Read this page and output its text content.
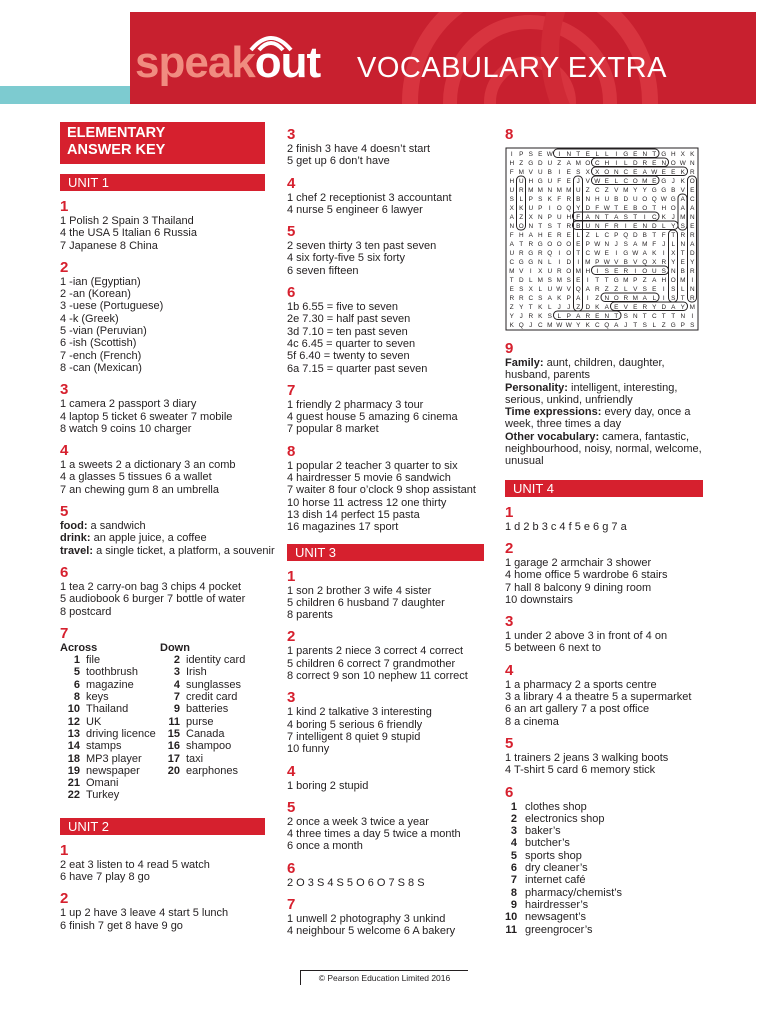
speakout VOCABULARY EXTRA
ELEMENTARY
ANSWER KEY
UNIT 1
1
1 Polish 2 Spain 3 Thailand
4 the USA 5 Italian 6 Russia
7 Japanese 8 China
2
1 -ian (Egyptian)
2 -an (Korean)
3 -uese (Portuguese)
4 -k (Greek)
5 -vian (Peruvian)
6 -ish (Scottish)
7 -ench (French)
8 -can (Mexican)
3
1 camera 2 passport 3 diary
4 laptop 5 ticket 6 sweater 7 mobile
8 watch 9 coins 10 charger
4
1 a sweets 2 a dictionary 3 an comb
4 a glasses 5 tissues 6 a wallet
7 an chewing gum 8 an umbrella
5
food: a sandwich
drink: an apple juice, a coffee
travel: a single ticket, a platform, a souvenir
6
1 tea 2 carry-on bag 3 chips 4 pocket
5 audiobook 6 burger 7 bottle of water
8 postcard
7
Across
1 file
5 toothbrush
6 magazine
8 keys
10 Thailand
12 UK
13 driving licence
14 stamps
18 MP3 player
19 newspaper
21 Omani
22 Turkey
Down
2 identity card
3 Irish
4 sunglasses
7 credit card
9 batteries
11 purse
15 Canada
16 shampoo
17 taxi
20 earphones
UNIT 2
1
2 eat 3 listen to 4 read 5 watch
6 have 7 play 8 go
2
1 up 2 have 3 leave 4 start 5 lunch
6 finish 7 get 8 have 9 go
3
2 finish 3 have 4 doesn’t start
5 get up 6 don’t have
4
1 chef 2 receptionist 3 accountant
4 nurse 5 engineer 6 lawyer
5
2 seven thirty 3 ten past seven
4 six forty-five 5 six forty
6 seven fifteen
6
1b 6.55 = five to seven
2e 7.30 = half past seven
3d 7.10 = ten past seven
4c 6.45 = quarter to seven
5f 6.40 = twenty to seven
6a 7.15 = quarter past seven
7
1 friendly 2 pharmacy 3 tour
4 guest house 5 amazing 6 cinema
7 popular 8 market
8
1 popular 2 teacher 3 quarter to six
4 hairdresser 5 movie 6 sandwich
7 waiter 8 four o’clock 9 shop assistant
10 horse 11 actress 12 one thirty
13 dish 14 perfect 15 pasta
16 magazines 17 sport
UNIT 3
1
1 son 2 brother 3 wife 4 sister
5 children 6 husband 7 daughter
8 parents
2
1 parents 2 niece 3 correct 4 correct
5 children 6 correct 7 grandmother
8 correct 9 son 10 nephew 11 correct
3
1 kind 2 talkative 3 interesting
4 boring 5 serious 6 friendly
7 intelligent 8 quiet 9 stupid
10 funny
4
1 boring 2 stupid
5
2 once a week 3 twice a year
4 three times a day 5 twice a month
6 once a month
6
2 O 3 S 4 S 5 O 6 O 7 S 8 S
7
1 unwell 2 photography 3 unkind
4 neighbour 5 welcome 6 A bakery
8
I P S E W I N T E L L I G E N T G H X K
H Z G D U Z A M O C H I L D R E N O W N
F M V U B I E S X X O N C E A W E E K R
H U H G U F E J V W E L C O M E G J K O
U R M M N M M U Z C Z V M Y Y G G B V E
S L P S K F R B N H U B D U O Q W G A C
X K U P I O Q Y D F W T E B O T H O A A
A Z X N P U H F A N T A S T I C K J M N
N O N T S T R B U N F R I E N D L Y S E
F H A H E R E L Z L C P Q D B T F T R R
A T R G O O O E P W N J S A M F J L N A
U R G R Q I O T C W E I G W A K I X T D
C G G N L I D I M P W V B V Q X R Y E Y
M V I X U R O M H I S E R I O U S N B R
T D L M S M S E I T T G M P Z A H O M I
E S X L U W V Q A R Z Z L V S E I S L N
R R C S A K P A I Z N O R M A L I S T R
Z Y T K L J J Z D K A E V E R Y D A Y M
Y J R K S L P A R E N T S N T C T T N I
K Q J C M W W Y K C Q A J T S L Z G P S
9
Family: aunt, children, daughter, husband, parents
Personality: intelligent, interesting, serious, unkind, unfriendly
Time expressions: every day, once a week, three times a day
Other vocabulary: camera, fantastic, neighbourhood, noisy, normal, welcome, unusual
UNIT 4
1
1 d 2 b 3 c 4 f 5 e 6 g 7 a
2
1 garage 2 armchair 3 shower
4 home office 5 wardrobe 6 stairs
7 hall 8 balcony 9 dining room
10 downstairs
3
1 under 2 above 3 in front of 4 on
5 between 6 next to
4
1 a pharmacy 2 a sports centre
3 a library 4 a theatre 5 a supermarket
6 an art gallery 7 a post office
8 a cinema
5
1 trainers 2 jeans 3 walking boots
4 T-shirt 5 card 6 memory stick
6
1 clothes shop
2 electronics shop
3 baker’s
4 butcher’s
5 sports shop
6 dry cleaner’s
7 internet café
8 pharmacy/chemist’s
9 hairdresser’s
10 newsagent’s
11 greengrocer’s
© Pearson Education Limited 2016
